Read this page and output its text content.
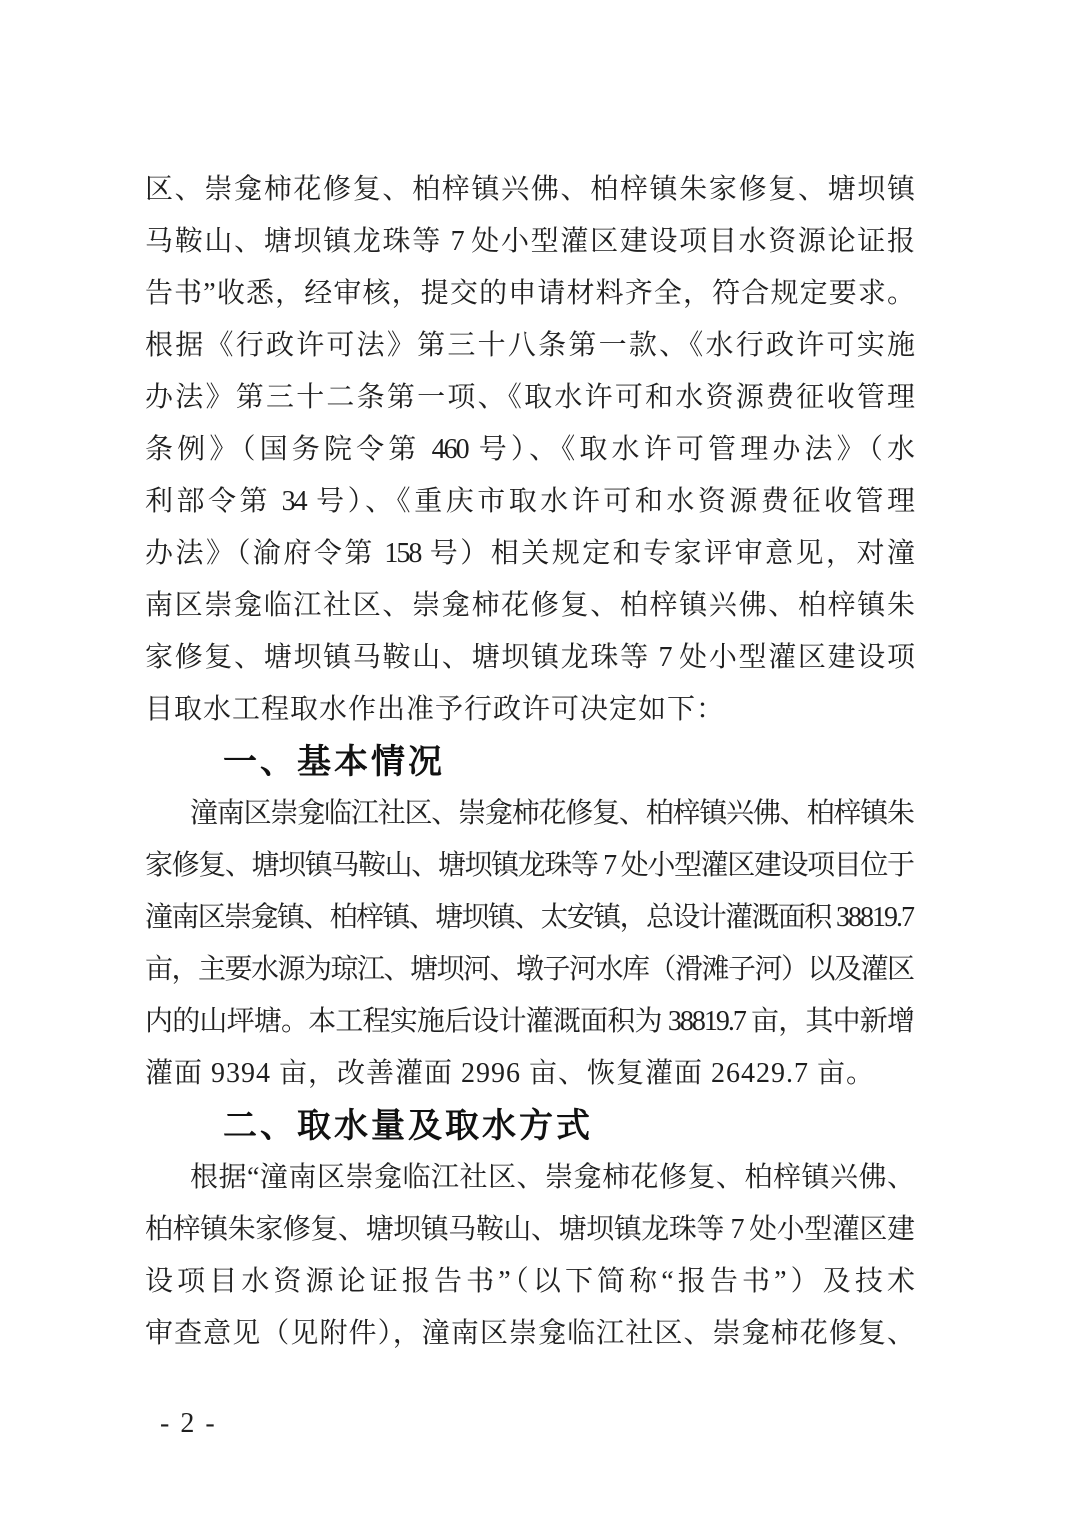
区、崇龛柿花修复、柏梓镇兴佛、柏梓镇朱家修复、塘坝镇
马鞍山、塘坝镇龙珠等 7 处小型灌区建设项目水资源论证报
告书”收悉，经审核，提交的申请材料齐全，符合规定要求。
根据《行政许可法》第三十八条第一款、《水行政许可实施
办法》第三十二条第一项、《取水许可和水资源费征收管理
条例》（国务院令第 460 号）、《取水许可管理办法》（水
利部令第 34 号）、《重庆市取水许可和水资源费征收管理
办法》（渝府令第 158 号）相关规定和专家评审意见，对潼
南区崇龛临江社区、崇龛柿花修复、柏梓镇兴佛、柏梓镇朱
家修复、塘坝镇马鞍山、塘坝镇龙珠等 7 处小型灌区建设项
目取水工程取水作出准予行政许可决定如下：
一、基本情况
潼南区崇龛临江社区、崇龛柿花修复、柏梓镇兴佛、柏梓镇朱
家修复、塘坝镇马鞍山、塘坝镇龙珠等 7 处小型灌区建设项目位于
潼南区崇龛镇、柏梓镇、塘坝镇、太安镇，总设计灌溉面积 38819.7
亩，主要水源为琼江、塘坝河、墩子河水库（滑滩子河）以及灌区
内的山坪塘。本工程实施后设计灌溉面积为 38819.7 亩，其中新增
灌面 9394 亩，改善灌面 2996 亩、恢复灌面 26429.7 亩。
二、取水量及取水方式
根据“潼南区崇龛临江社区、崇龛柿花修复、柏梓镇兴佛、
柏梓镇朱家修复、塘坝镇马鞍山、塘坝镇龙珠等 7 处小型灌区建
设项目水资源论证报告书”（以下简称“报告书”）及技术
审查意见（见附件），潼南区崇龛临江社区、崇龛柿花修复、
- 2 -
